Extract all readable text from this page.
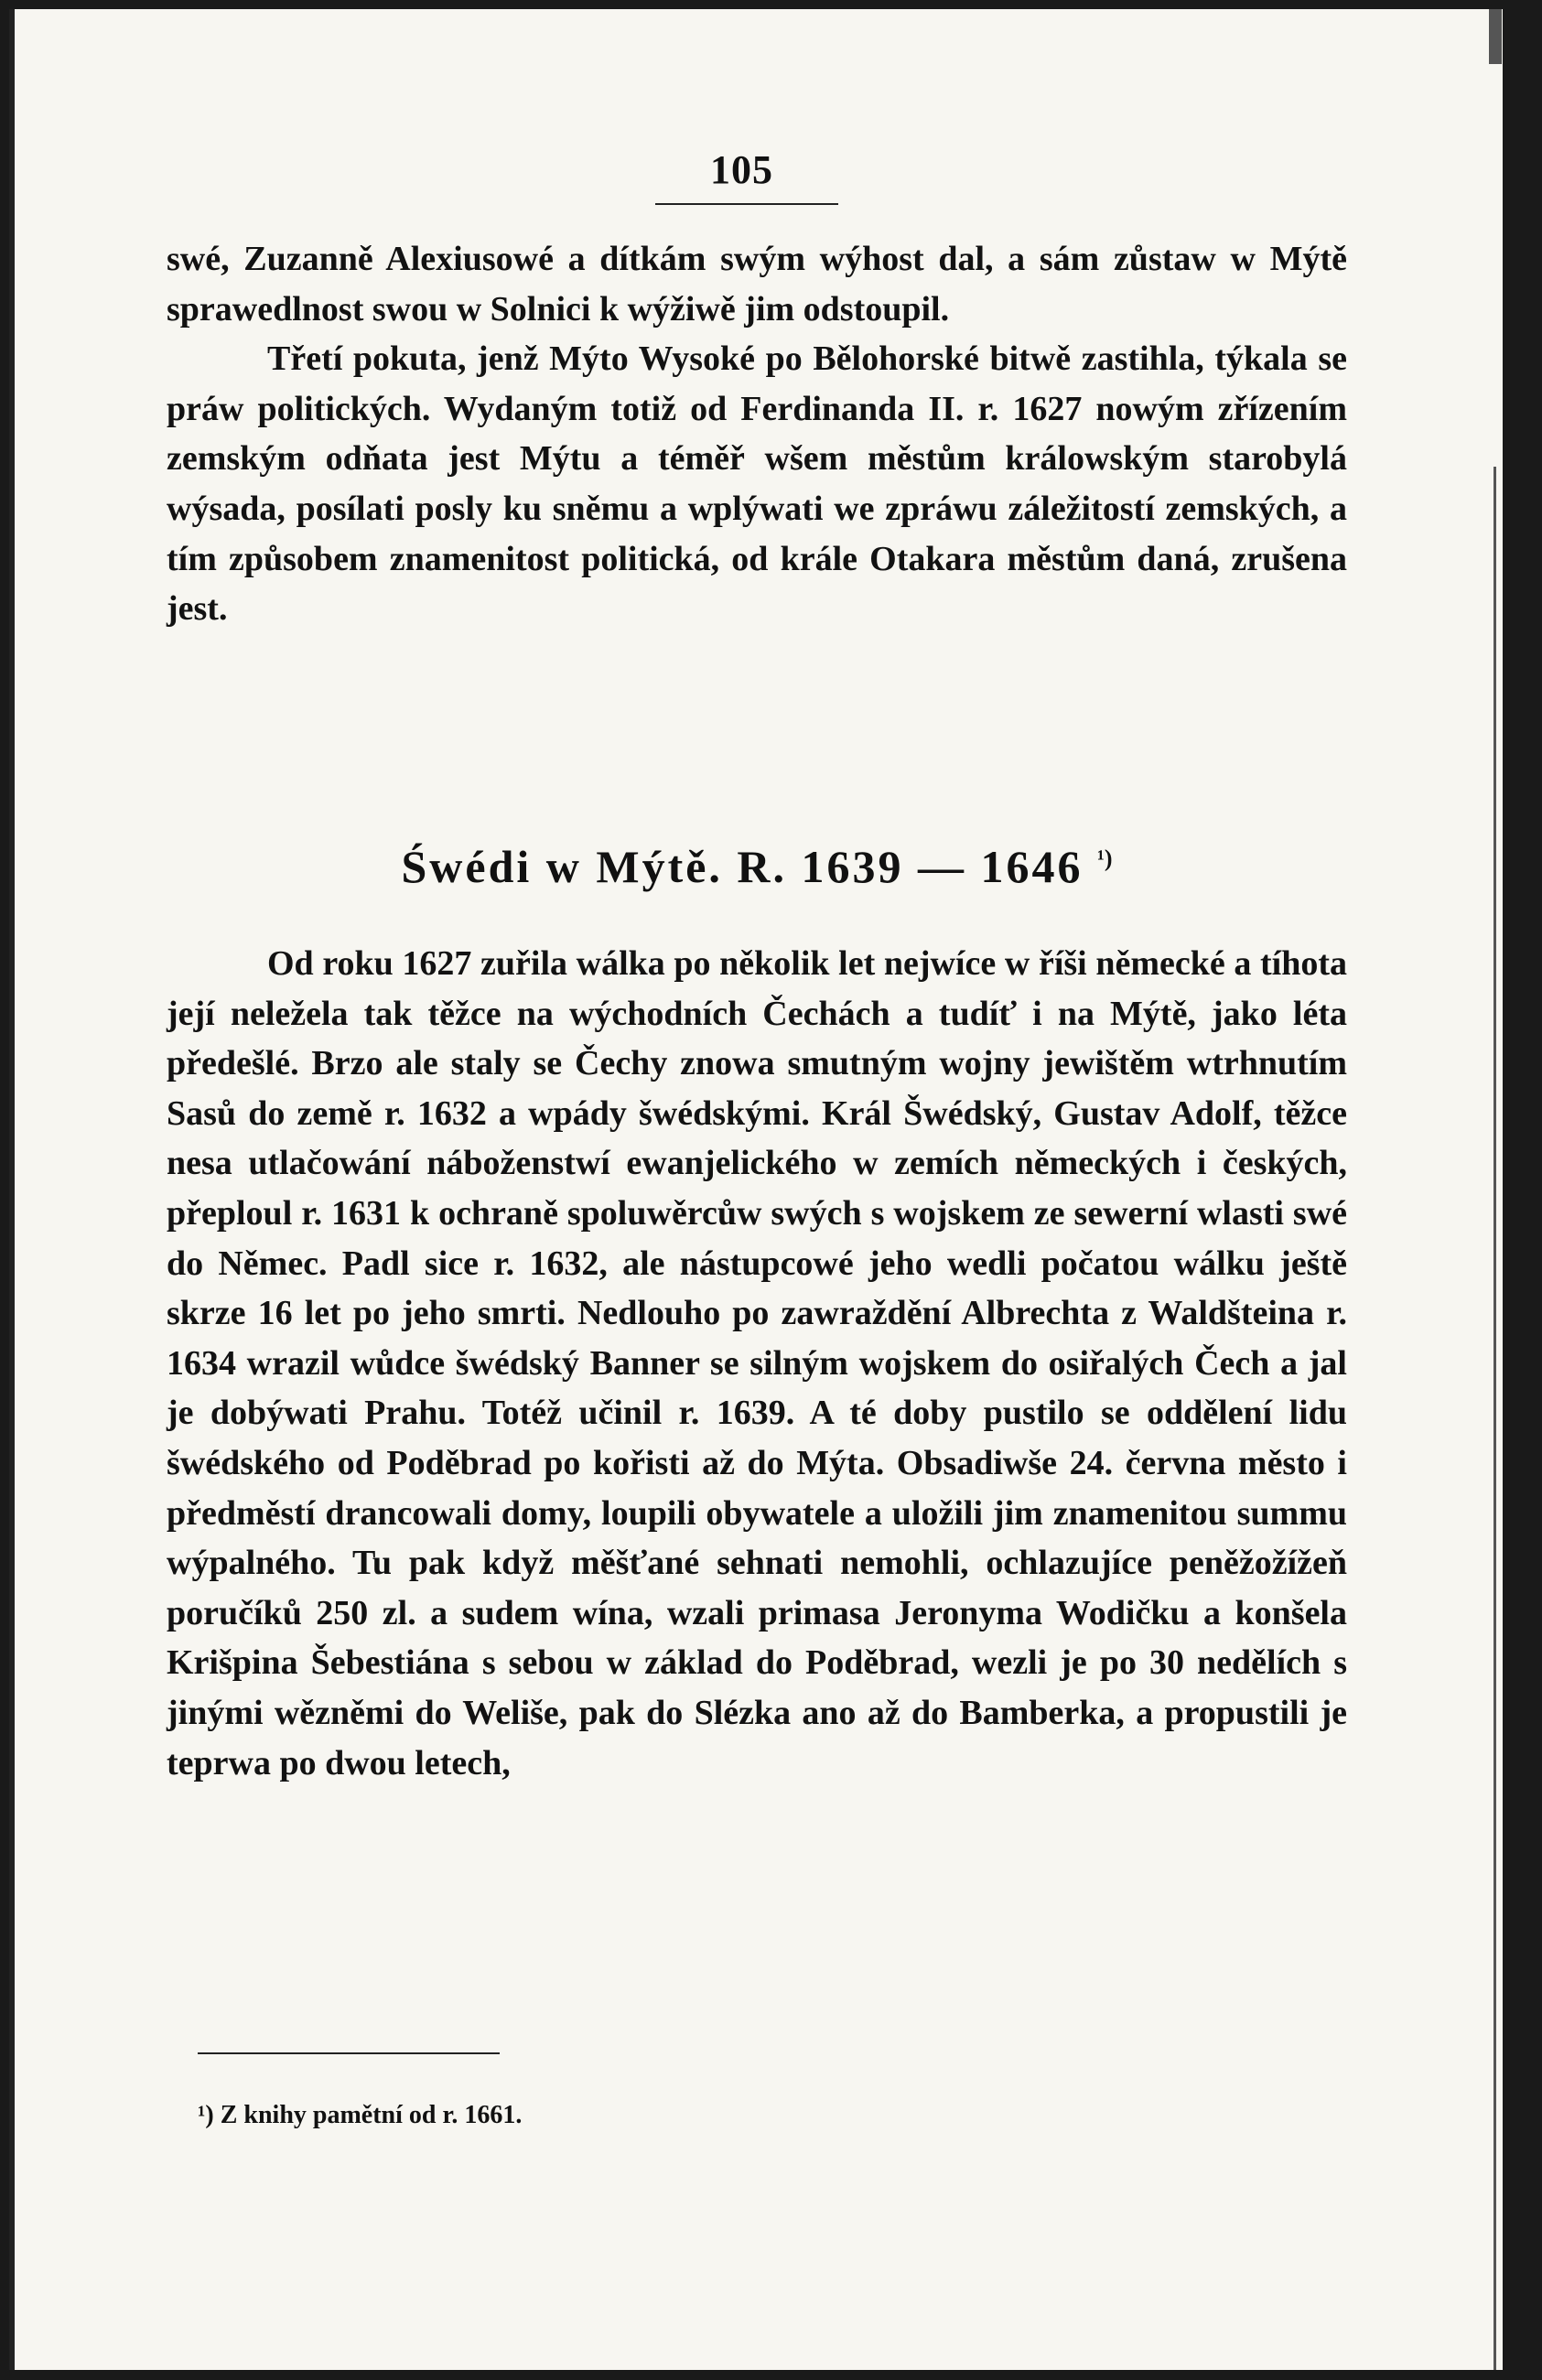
105

swé, Zuzanně Alexiusowé a dítkám swým wýhost dal, a sám zůstaw w Mýtě sprawedlnost swou w Solnici k wýžiwě jim odstoupil.

Třetí pokuta, jenž Mýto Wysoké po Bělohorské bitwě zastihla, týkala se práw politických. Wydaným totiž od Ferdinanda II. r. 1627 nowým zřízením zemským odňata jest Mýtu a téměř wšem městům králowským starobylá wýsada, posílati posly ku sněmu a wplýwati we zpráwu záležitostí zemských, a tím způsobem znamenitost politická, od krále Otakara městům daná, zrušena jest.

Śwédi w Mýtě. R. 1639 — 1646 $^{^1)}$

Od roku 1627 zuřila wálka po několik let nejwíce w říši německé a tíhota její neležela tak těžce na wýchodních Čechách a tudíť i na Mýtě, jako léta předešlé. Brzo ale staly se Čechy znowa smutným wojny jewištěm wtrhnutím Sasů do země r. 1632 a wpády šwédskými. Král Šwédský, Gustav Adolf, těžce nesa utlačowání náboženstwí ewanjelického w zemích německých i českých, přeploul r. 1631 k ochraně spoluwěrcůw swých s wojskem ze sewerní wlasti swé do Němec. Padl sice r. 1632, ale nástupcowé jeho wedli počatou wálku ještě skrze 16 let po jeho smrti. Nedlouho po zawraždění Albrechta z Waldšteina r. 1634 wrazil wůdce šwédský Banner se silným wojskem do osiřalých Čech a jal je dobýwati Prahu. Totéž učinil r. 1639. A té doby pustilo se oddělení lidu šwédského od Poděbrad po kořisti až do Mýta. Obsadiwše 24. června město i předměstí drancowali domy, loupili obywatele a uložili jim znamenitou summu wýpalného. Tu pak když měšťané sehnati nemohli, ochlazujíce peněžožížeň poručíků 250 zl. a sudem wína, wzali primasa Jeronyma Wodičku a konšela Krišpina Šebestiána s sebou w základ do Poděbrad, wezli je po 30 nedělích s jinými wězněmi do Weliše, pak do Slézka ano až do Bamberka, a propustili je teprwa po dwou letech,

¹) Z knihy pamětní od r. 1661.
